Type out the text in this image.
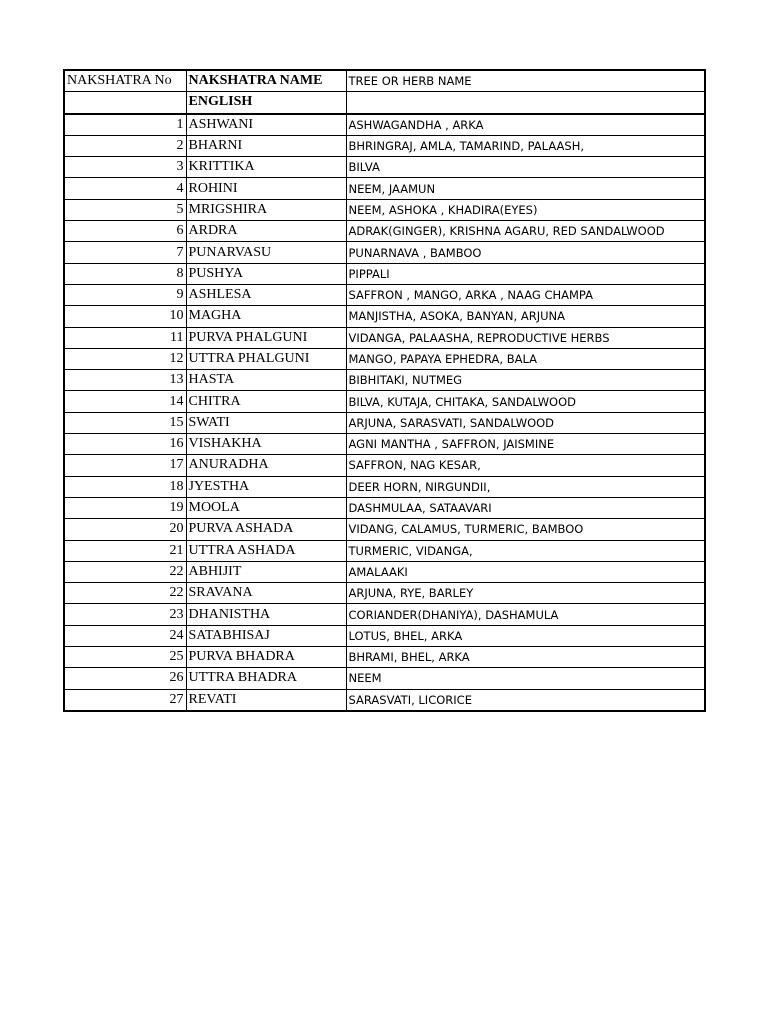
NAKSHATRA No	NAKSHATRA NAME	TREE OR HERB NAME
	ENGLISH	
1	ASHWANI	ASHWAGANDHA , ARKA
2	BHARNI	BHRINGRAJ, AMLA, TAMARIND, PALAASH,
3	KRITTIKA	BILVA
4	ROHINI	NEEM, JAAMUN
5	MRIGSHIRA	NEEM, ASHOKA , KHADIRA(EYES)
6	ARDRA	ADRAK(GINGER), KRISHNA AGARU, RED SANDALWOOD
7	PUNARVASU	PUNARNAVA , BAMBOO
8	PUSHYA	PIPPALI
9	ASHLESA	SAFFRON , MANGO, ARKA , NAAG CHAMPA
10	MAGHA	MANJISTHA, ASOKA, BANYAN, ARJUNA
11	PURVA PHALGUNI	VIDANGA, PALAASHA, REPRODUCTIVE HERBS
12	UTTRA PHALGUNI	MANGO, PAPAYA EPHEDRA, BALA
13	HASTA	BIBHITAKI, NUTMEG
14	CHITRA	BILVA, KUTAJA, CHITAKA, SANDALWOOD
15	SWATI	ARJUNA, SARASVATI, SANDALWOOD
16	VISHAKHA	AGNI MANTHA , SAFFRON, JAISMINE
17	ANURADHA	SAFFRON, NAG KESAR,
18	JYESTHA	DEER HORN, NIRGUNDII,
19	MOOLA	DASHMULAA, SATAAVARI
20	PURVA ASHADA	VIDANG, CALAMUS, TURMERIC, BAMBOO
21	UTTRA ASHADA	TURMERIC, VIDANGA,
22	ABHIJIT	AMALAAKI
22	SRAVANA	ARJUNA, RYE, BARLEY
23	DHANISTHA	CORIANDER(DHANIYA), DASHAMULA
24	SATABHISAJ	LOTUS, BHEL, ARKA
25	PURVA BHADRA	BHRAMI, BHEL, ARKA
26	UTTRA BHADRA	NEEM
27	REVATI	SARASVATI, LICORICE
